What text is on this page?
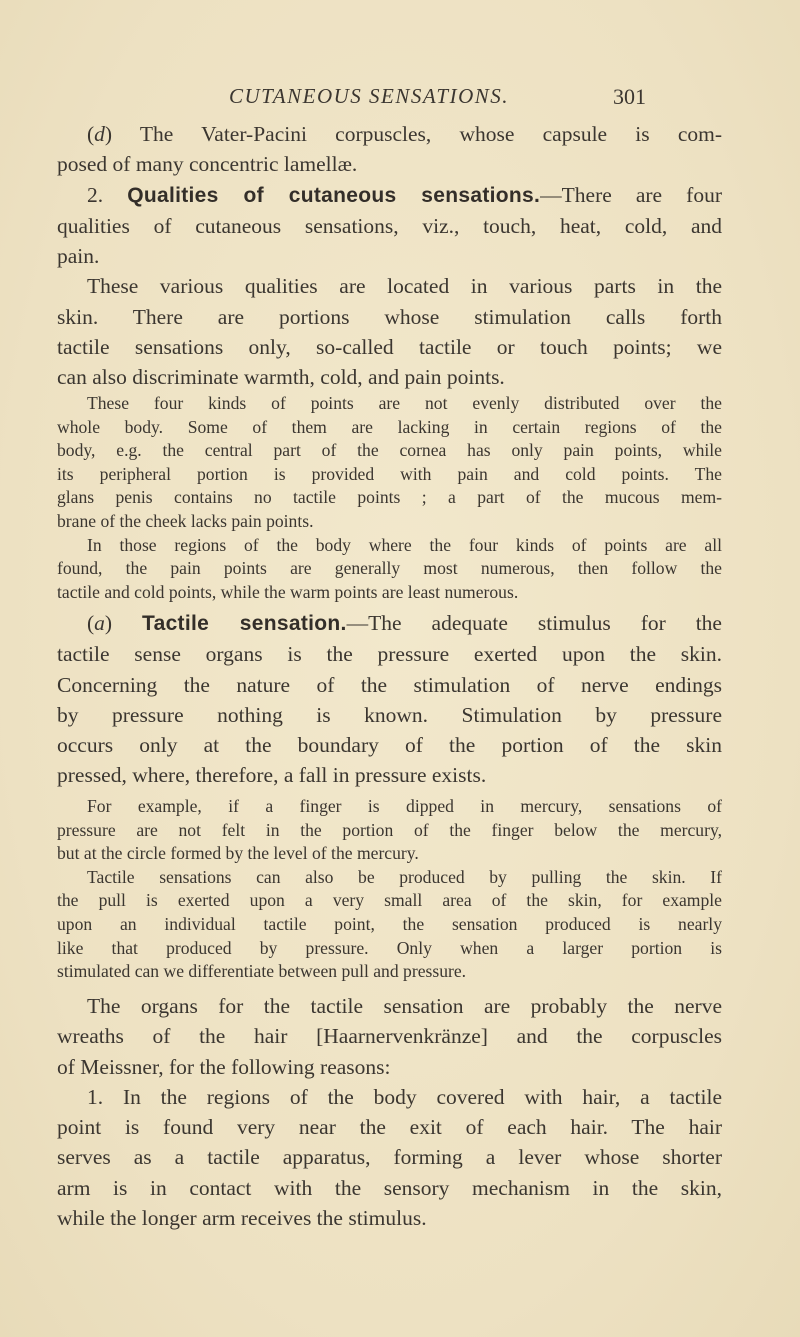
CUTANEOUS SENSATIONS.	301
(d) The Vater-Pacini corpuscles, whose capsule is com-
posed of many concentric lamellæ.
2. Qualities of cutaneous sensations.—There are four
qualities of cutaneous sensations, viz., touch, heat, cold, and
pain.
These various qualities are located in various parts in the
skin. There are portions whose stimulation calls forth
tactile sensations only, so-called tactile or touch points; we
can also discriminate warmth, cold, and pain points.
These four kinds of points are not evenly distributed over the
whole body. Some of them are lacking in certain regions of the
body, e.g. the central part of the cornea has only pain points, while
its peripheral portion is provided with pain and cold points. The
glans penis contains no tactile points ; a part of the mucous mem-
brane of the cheek lacks pain points.
In those regions of the body where the four kinds of points are all
found, the pain points are generally most numerous, then follow the
tactile and cold points, while the warm points are least numerous.
(a) Tactile sensation.—The adequate stimulus for the
tactile sense organs is the pressure exerted upon the skin.
Concerning the nature of the stimulation of nerve endings
by pressure nothing is known. Stimulation by pressure
occurs only at the boundary of the portion of the skin
pressed, where, therefore, a fall in pressure exists.
For example, if a finger is dipped in mercury, sensations of
pressure are not felt in the portion of the finger below the mercury,
but at the circle formed by the level of the mercury.
Tactile sensations can also be produced by pulling the skin. If
the pull is exerted upon a very small area of the skin, for example
upon an individual tactile point, the sensation produced is nearly
like that produced by pressure. Only when a larger portion is
stimulated can we differentiate between pull and pressure.
The organs for the tactile sensation are probably the nerve
wreaths of the hair [Haarnervenkränze] and the corpuscles
of Meissner, for the following reasons:
1. In the regions of the body covered with hair, a tactile
point is found very near the exit of each hair. The hair
serves as a tactile apparatus, forming a lever whose shorter
arm is in contact with the sensory mechanism in the skin,
while the longer arm receives the stimulus.
